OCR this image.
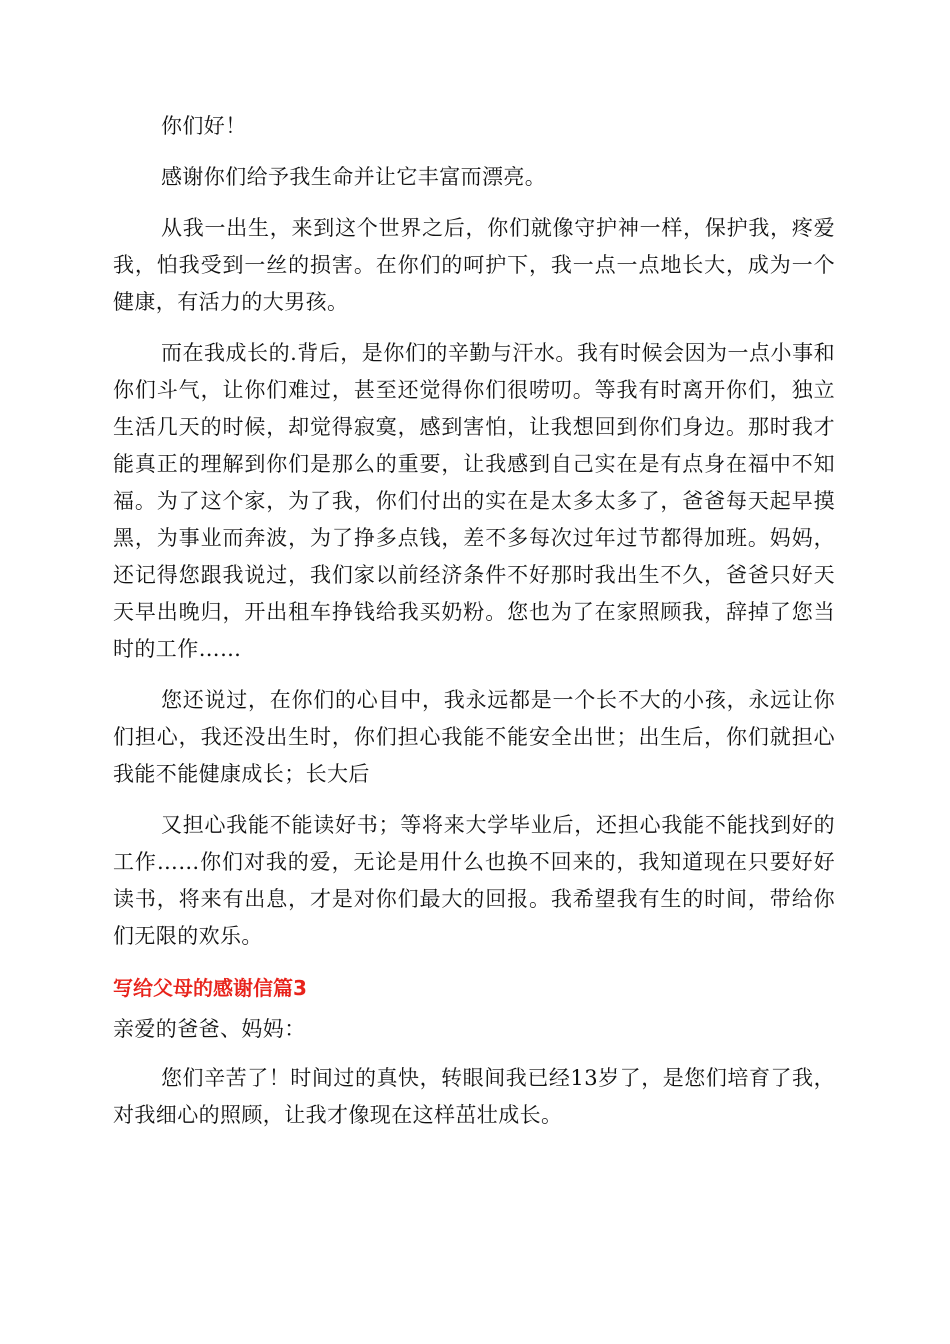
你们好！

感谢你们给予我生命并让它丰富而漂亮。

从我一出生，来到这个世界之后，你们就像守护神一样，保护我，疼爱我，怕我受到一丝的损害。在你们的呵护下，我一点一点地长大，成为一个健康，有活力的大男孩。

而在我成长的.背后，是你们的辛勤与汗水。我有时候会因为一点小事和你们斗气，让你们难过，甚至还觉得你们很唠叨。等我有时离开你们，独立生活几天的时候，却觉得寂寞，感到害怕，让我想回到你们身边。那时我才能真正的理解到你们是那么的重要，让我感到自己实在是有点身在福中不知福。为了这个家，为了我，你们付出的实在是太多太多了，爸爸每天起早摸黑，为事业而奔波，为了挣多点钱，差不多每次过年过节都得加班。妈妈，还记得您跟我说过，我们家以前经济条件不好那时我出生不久，爸爸只好天天早出晚归，开出租车挣钱给我买奶粉。您也为了在家照顾我，辞掉了您当时的工作……

您还说过，在你们的心目中，我永远都是一个长不大的小孩，永远让你们担心，我还没出生时，你们担心我能不能安全出世；出生后，你们就担心我能不能健康成长；长大后

又担心我能不能读好书；等将来大学毕业后，还担心我能不能找到好的工作……你们对我的爱，无论是用什么也换不回来的，我知道现在只要好好读书，将来有出息，才是对你们最大的回报。我希望我有生的时间，带给你们无限的欢乐。

写给父母的感谢信篇3

亲爱的爸爸、妈妈：

您们辛苦了！时间过的真快，转眼间我已经13岁了，是您们培育了我，对我细心的照顾，让我才像现在这样茁壮成长。
